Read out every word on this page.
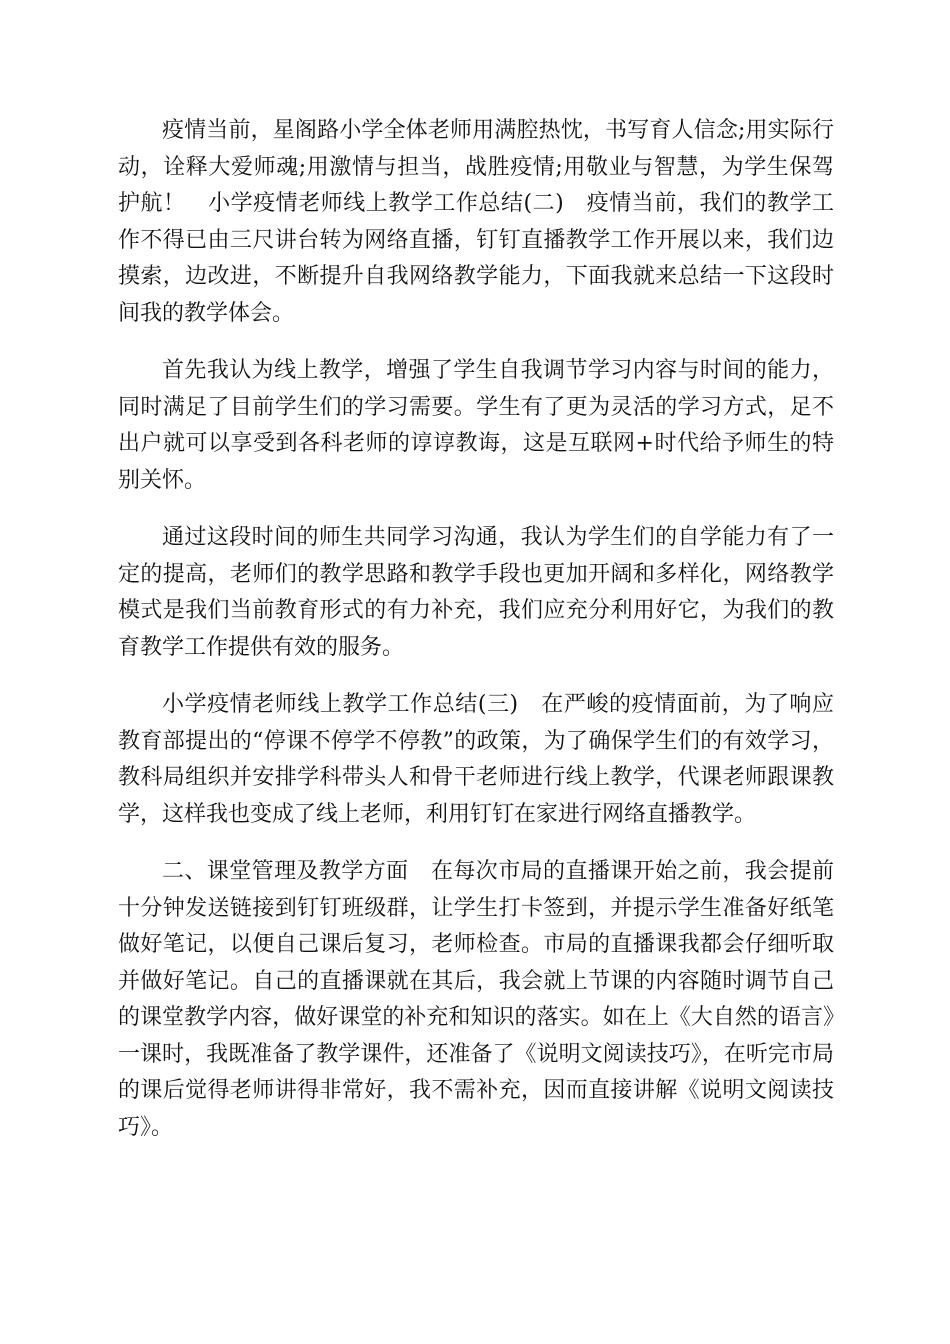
疫情当前，星阁路小学全体老师用满腔热忱，书写育人信念;用实际行动，诠释大爱师魂;用激情与担当，战胜疫情;用敬业与智慧，为学生保驾护航！　小学疫情老师线上教学工作总结(二)　疫情当前，我们的教学工作不得已由三尺讲台转为网络直播，钉钉直播教学工作开展以来，我们边摸索，边改进，不断提升自我网络教学能力，下面我就来总结一下这段时间我的教学体会。

首先我认为线上教学，增强了学生自我调节学习内容与时间的能力，同时满足了目前学生们的学习需要。学生有了更为灵活的学习方式，足不出户就可以享受到各科老师的谆谆教诲，这是互联网+时代给予师生的特别关怀。

通过这段时间的师生共同学习沟通，我认为学生们的自学能力有了一定的提高，老师们的教学思路和教学手段也更加开阔和多样化，网络教学模式是我们当前教育形式的有力补充，我们应充分利用好它，为我们的教育教学工作提供有效的服务。

小学疫情老师线上教学工作总结(三)　在严峻的疫情面前，为了响应教育部提出的“停课不停学不停教”的政策，为了确保学生们的有效学习，教科局组织并安排学科带头人和骨干老师进行线上教学，代课老师跟课教学，这样我也变成了线上老师，利用钉钉在家进行网络直播教学。

二、课堂管理及教学方面　在每次市局的直播课开始之前，我会提前十分钟发送链接到钉钉班级群，让学生打卡签到，并提示学生准备好纸笔做好笔记，以便自己课后复习，老师检查。市局的直播课我都会仔细听取并做好笔记。自己的直播课就在其后，我会就上节课的内容随时调节自己的课堂教学内容，做好课堂的补充和知识的落实。如在上《大自然的语言》一课时，我既准备了教学课件，还准备了《说明文阅读技巧》，在听完市局的课后觉得老师讲得非常好，我不需补充，因而直接讲解《说明文阅读技巧》。
